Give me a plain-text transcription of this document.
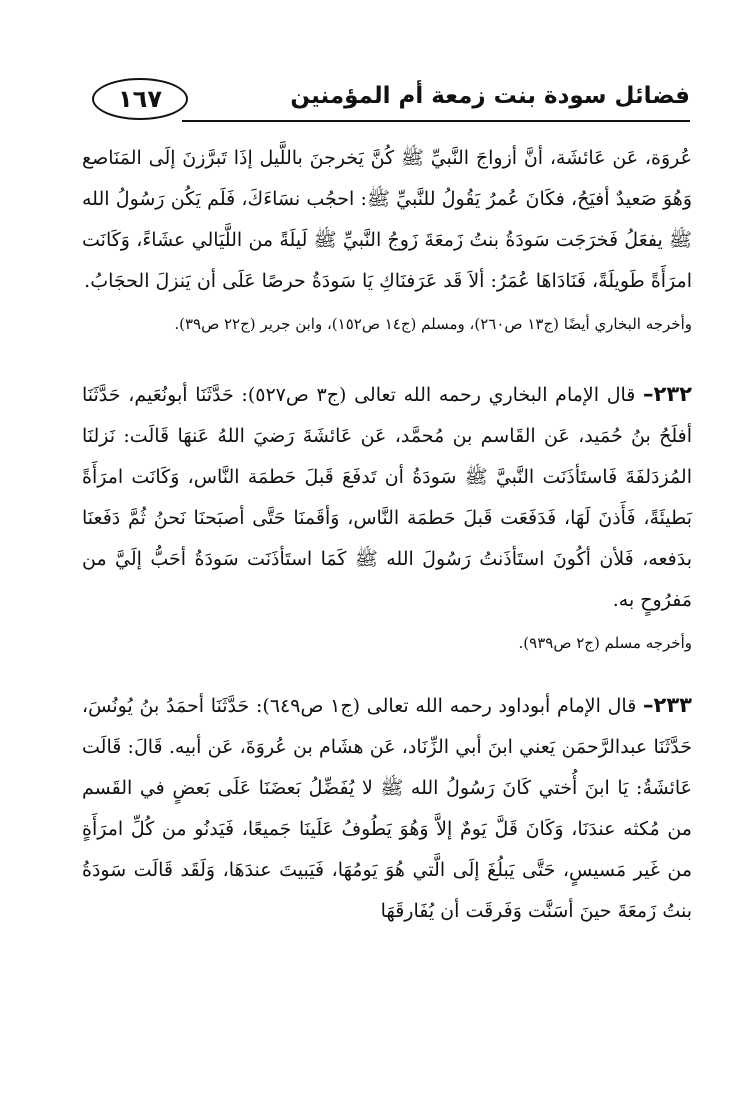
١٦٧	فضائل سودة بنت زمعة أم المؤمنين

عُروَة، عَن عَائشَة، أنَّ أزواجَ النَّبيِّ ﷺ كُنَّ يَخرجنَ باللَّيل إذَا تَبرَّزنَ إلَى المَنَاصع وَهُوَ صَعيدٌ أفيَحُ، فكَانَ عُمرُ يَقُولُ للنَّبيِّ ﷺ: احجُب نسَاءَكَ، فَلَم يَكُن رَسُولُ الله ﷺ يفعَلُ فَخرَجَت سَودَةُ بنتُ زَمعَةَ زَوجُ النَّبيِّ ﷺ لَيلَةً من اللَّيَالي عشَاءً، وَكَانَت امرَأَةً طَويلَةً، فَنَادَاهَا عُمَرُ: ألاَ قَد عَرَفنَاكِ يَا سَودَةُ حرصًا عَلَى أن يَنزلَ الحجَابُ.

وأخرجه البخاري أيضًا (ج١٣ ص٢٦٠)، ومسلم (ج١٤ ص١٥٢)، وابن جرير (ج٢٢ ص٣٩).

٢٣٢– قال الإمام البخاري رحمه الله تعالى (ج٣ ص٥٢٧): حَدَّثَنَا أبونُعَيم، حَدَّثَنَا أفلَحُ بنُ حُمَيد، عَن القَاسم بن مُحمَّد، عَن عَائشَةَ رَضيَ اللهُ عَنهَا قَالَت: نَزلنَا المُزدَلفَةَ فَاستَأذَنَت النَّبيَّ ﷺ سَودَةُ أن تَدفَعَ قَبلَ حَطمَة النَّاس، وَكَانَت امرَأَةً بَطيئَةً، فَأَذنَ لَهَا، فَدَفَعَت قَبلَ حَطمَة النَّاس، وَأقَمنَا حَتَّى أصبَحنَا نَحنُ ثُمَّ دَفَعنَا بدَفعه، فَلأن أكُونَ استَأذَنتُ رَسُولَ الله ﷺ كَمَا استَأذَنَت سَودَةُ أحَبُّ إلَيَّ من مَفرُوحٍ به.

وأخرجه مسلم (ج٢ ص٩٣٩).

٢٣٣– قال الإمام أبوداود رحمه الله تعالى (ج١ ص٦٤٩): حَدَّثَنَا أحمَدُ بنُ يُونُسَ، حَدَّثَنَا عبدالرَّحمَن يَعني ابنَ أبي الزِّنَاد، عَن هشَام بن عُروَةَ، عَن أبيه. قَالَ: قَالَت عَائشَةُ: يَا ابنَ أُختي كَانَ رَسُولُ الله ﷺ لا يُفَضِّلُ بَعضَنَا عَلَى بَعضٍ في القَسم من مُكثه عندَنَا، وَكَانَ قَلَّ يَومٌ إلاَّ وَهُوَ يَطُوفُ عَلَينَا جَميعًا، فَيَدنُو من كُلِّ امرَأَةٍ من غَير مَسيسٍ، حَتَّى يَبلُغَ إلَى الَّتي هُوَ يَومُهَا، فَيَبيتَ عندَهَا، وَلَقَد قَالَت سَودَةُ بنتُ زَمعَةَ حينَ أسَنَّت وَفَرقَت أن يُفَارقَهَا
